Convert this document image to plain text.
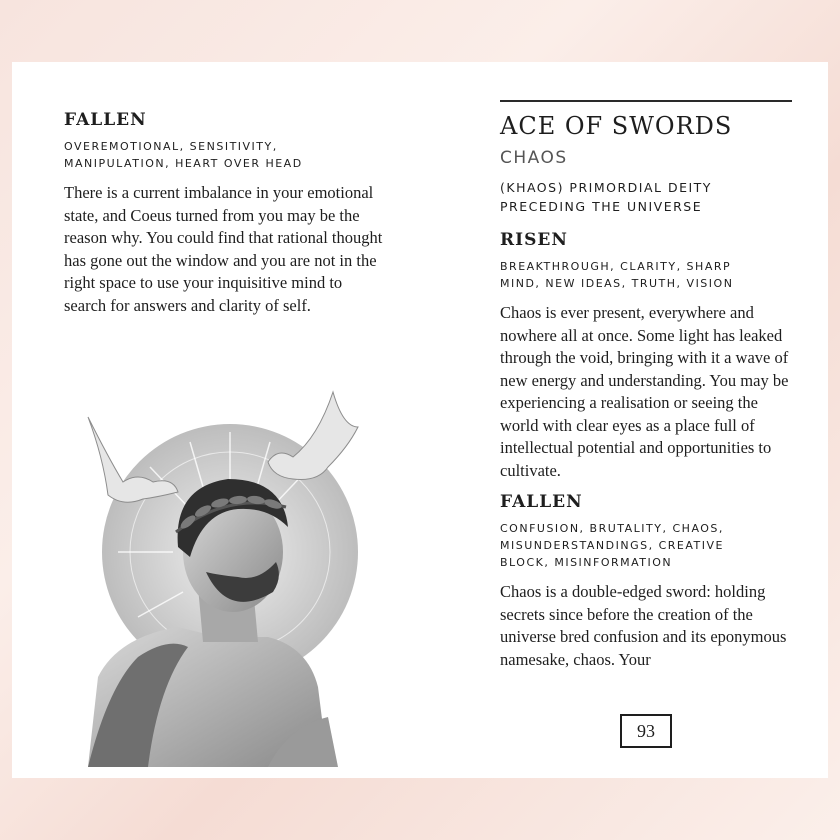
FALLEN
OVEREMOTIONAL, SENSITIVITY,
MANIPULATION, HEART OVER HEAD

There is a current imbalance in your emotional state, and Coeus turned from you may be the reason why. You could find that rational thought has gone out the window and you are not in the right space to use your inquisitive mind to search for answers and clarity of self.

ACE OF SWORDS
CHAOS
(KHAOS) PRIMORDIAL DEITY
PRECEDING THE UNIVERSE
RISEN
BREAKTHROUGH, CLARITY, SHARP
MIND, NEW IDEAS, TRUTH, VISION

Chaos is ever present, everywhere and nowhere all at once. Some light has leaked through the void, bringing with it a wave of new energy and understanding. You may be experiencing a realisation or seeing the world with clear eyes as a place full of intellectual potential and opportunities to cultivate.

FALLEN
CONFUSION, BRUTALITY, CHAOS,
MISUNDERSTANDINGS, CREATIVE
BLOCK, MISINFORMATION

Chaos is a double-edged sword: holding secrets since before the creation of the universe bred confusion and its eponymous namesake, chaos. Your

93
